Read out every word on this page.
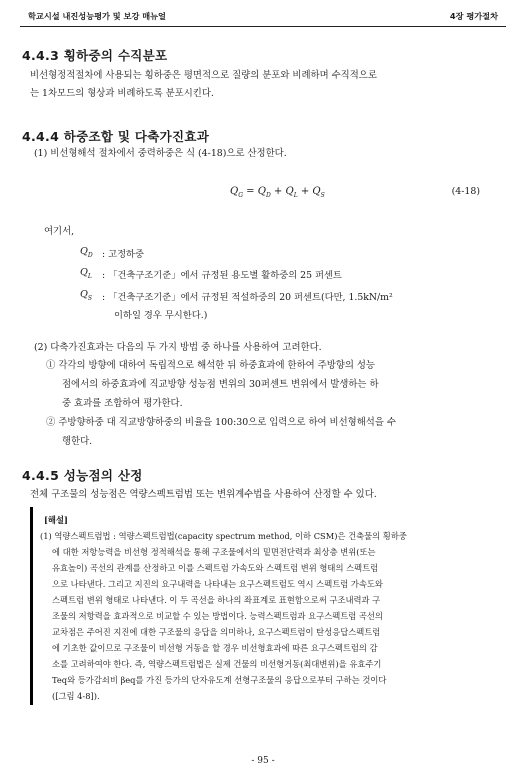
학교시설 내진성능평가 및 보강 매뉴얼	4장 평가절차
4.4.3 횡하중의 수직분포
비선형정적절차에 사용되는 횡하중은 평면적으로 질량의 분포와 비례하며 수직적으로
는 1차모드의 형상과 비례하도록 분포시킨다.
4.4.4 하중조합 및 다축가진효과
(1) 비선형해석 절차에서 중력하중은 식 (4-18)으로 산정한다.
$Q_G = Q_D + Q_L + Q_S$	(4-18)
여기서,
$Q_D$ : 고정하중
$Q_L$ : 「건축구조기준」에서 규정된 용도별 활하중의 25 퍼센트
$Q_S$ : 「건축구조기준」에서 규정된 적설하중의 20 퍼센트(다만, 1.5kN/m²
이하일 경우 무시한다.)
(2) 다축가진효과는 다음의 두 가지 방법 중 하나를 사용하여 고려한다.
① 각각의 방향에 대하여 독립적으로 해석한 뒤 하중효과에 한하여 주방향의 성능
점에서의 하중효과에 직교방향 성능점 변위의 30퍼센트 변위에서 발생하는 하
중 효과를 조합하여 평가한다.
② 주방향하중 대 직교방향하중의 비율을 100:30으로 입력으로 하여 비선형해석을 수
행한다.
4.4.5 성능점의 산정
전체 구조물의 성능점은 역량스펙트럼법 또는 변위계수법을 사용하여 산정할 수 있다.
[해설]
(1) 역량스펙트럼법 : 역량스펙트럼법(capacity spectrum method, 이하 CSM)은 건축물의 횡하중
에 대한 저항능력을 비선형 정적해석을 통해 구조물에서의 밑면전단력과 최상층 변위(또는
유효높이) 곡선의 관계를 산정하고 이를 스펙트럼 가속도와 스펙트럼 변위 형태의 스펙트럼
으로 나타낸다. 그리고 지진의 요구내력을 나타내는 요구스펙트럼도 역시 스펙트럼 가속도와
스펙트럼 변위 형태로 나타낸다. 이 두 곡선을 하나의 좌표계로 표현함으로써 구조내력과 구
조물의 저항력을 효과적으로 비교할 수 있는 방법이다. 능력스펙트럼과 요구스펙트럼 곡선의
교차점은 주어진 지진에 대한 구조물의 응답을 의미하나, 요구스펙트럼이 탄성응답스펙트럼
에 기초한 값이므로 구조물이 비선형 거동을 할 경우 비선형효과에 따른 요구스펙트럼의 감
소를 고려하여야 한다. 즉, 역량스펙트럼법은 실제 건물의 비선형거동(최대변위)을 유효주기
Teq와 등가감쇠비 βeq를 가진 등가의 단자유도계 선형구조물의 응답으로부터 구하는 것이다
([그림 4-8]).
- 95 -
